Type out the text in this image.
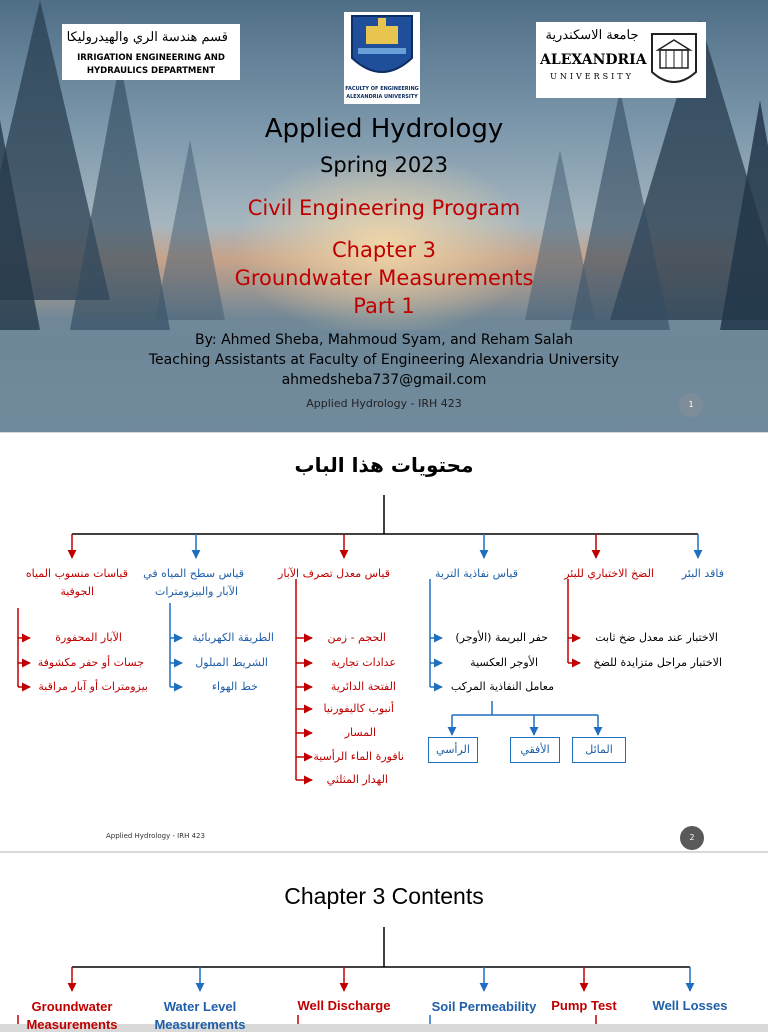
قسم هندسة الري والهيدروليكا
IRRIGATION ENGINEERING AND
HYDRAULICS DEPARTMENT
FACULTY OF ENGINEERING
ALEXANDRIA UNIVERSITY
جامعة الاسكندرية
ALEXANDRIA
UNIVERSITY
Applied Hydrology
Spring 2023
Civil Engineering Program
Chapter 3
Groundwater Measurements
Part 1
By: Ahmed Sheba, Mahmoud Syam, and Reham Salah
Teaching Assistants at Faculty of Engineering Alexandria University
ahmedsheba737@gmail.com
Applied Hydrology - IRH 423	1
محتويات هذا الباب
قياسات منسوب المياه
الجوفية
قياس سطح المياه في
الآبار والبيزومترات
قياس معدل تصرف الآبار	قياس نفاذية التربة	الضخ الاختباري للبئر	فاقد البئر
الآبار المحفورة
جسات أو حفر مكشوفة
بيزومترات أو آبار مراقبة
الطريقة الكهربائية
الشريط المبلول
خط الهواء
الحجم - زمن
عدادات تجارية
الفتحة الدائرية
أنبوب كاليفورنيا
المسار
نافورة الماء الرأسية
الهدار المثلثي
حفر البريمة (الأوجر)
الأوجر العكسية
معامل النفاذية المركب
الاختبار عند معدل ضخ ثابت
الاختبار مراحل متزايدة للضخ
الرأسي	الأفقي	المائل
Applied Hydrology - IRH 423	2
Chapter 3 Contents
Groundwater
Measurements
Water Level
Measurements
Well Discharge	Soil Permeability	Pump Test	Well Losses
